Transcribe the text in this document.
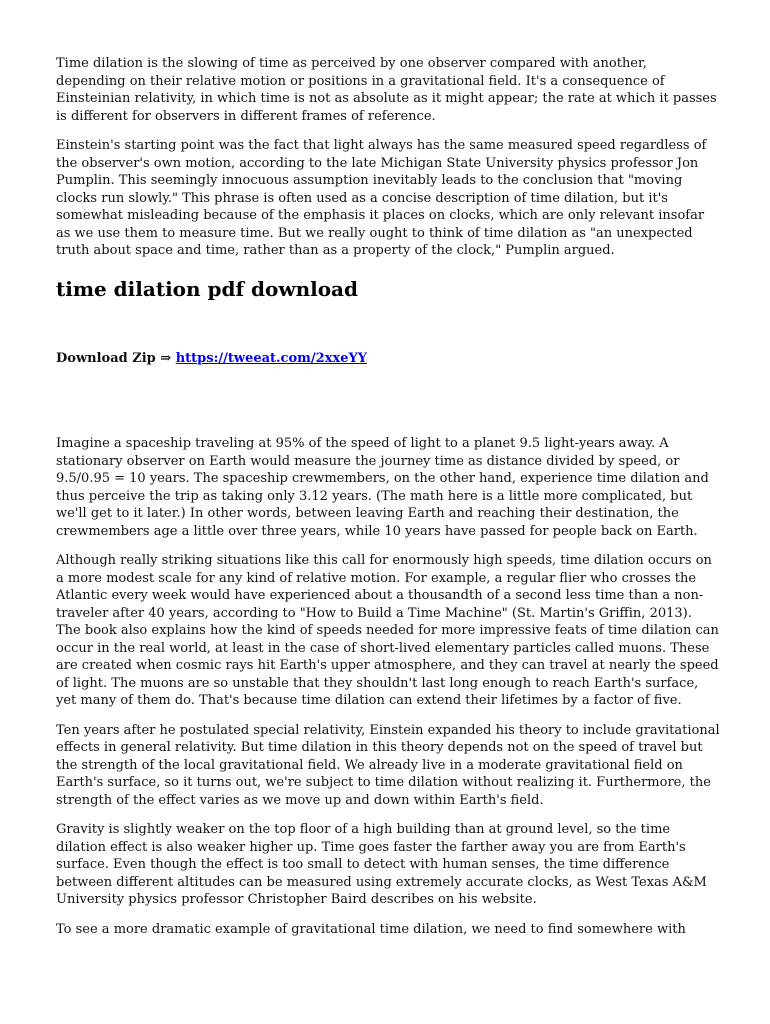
Time dilation is the slowing of time as perceived by one observer compared with another, depending on their relative motion or positions in a gravitational field. It's a consequence of Einsteinian relativity, in which time is not as absolute as it might appear; the rate at which it passes is different for observers in different frames of reference.

Einstein's starting point was the fact that light always has the same measured speed regardless of the observer's own motion, according to the late Michigan State University physics professor Jon Pumplin. This seemingly innocuous assumption inevitably leads to the conclusion that "moving clocks run slowly." This phrase is often used as a concise description of time dilation, but it's somewhat misleading because of the emphasis it places on clocks, which are only relevant insofar as we use them to measure time. But we really ought to think of time dilation as "an unexpected truth about space and time, rather than as a property of the clock," Pumplin argued.

time dilation pdf download
Download Zip ⇒ https://tweeat.com/2xxeYY

Imagine a spaceship traveling at 95% of the speed of light to a planet 9.5 light-years away. A stationary observer on Earth would measure the journey time as distance divided by speed, or 9.5/0.95 = 10 years. The spaceship crewmembers, on the other hand, experience time dilation and thus perceive the trip as taking only 3.12 years. (The math here is a little more complicated, but we'll get to it later.) In other words, between leaving Earth and reaching their destination, the crewmembers age a little over three years, while 10 years have passed for people back on Earth.

Although really striking situations like this call for enormously high speeds, time dilation occurs on a more modest scale for any kind of relative motion. For example, a regular flier who crosses the Atlantic every week would have experienced about a thousandth of a second less time than a non-traveler after 40 years, according to "How to Build a Time Machine" (St. Martin's Griffin, 2013). The book also explains how the kind of speeds needed for more impressive feats of time dilation can occur in the real world, at least in the case of short-lived elementary particles called muons. These are created when cosmic rays hit Earth's upper atmosphere, and they can travel at nearly the speed of light. The muons are so unstable that they shouldn't last long enough to reach Earth's surface, yet many of them do. That's because time dilation can extend their lifetimes by a factor of five.

Ten years after he postulated special relativity, Einstein expanded his theory to include gravitational effects in general relativity. But time dilation in this theory depends not on the speed of travel but the strength of the local gravitational field. We already live in a moderate gravitational field on Earth's surface, so it turns out, we're subject to time dilation without realizing it. Furthermore, the strength of the effect varies as we move up and down within Earth's field.

Gravity is slightly weaker on the top floor of a high building than at ground level, so the time dilation effect is also weaker higher up. Time goes faster the farther away you are from Earth's surface. Even though the effect is too small to detect with human senses, the time difference between different altitudes can be measured using extremely accurate clocks, as West Texas A&M University physics professor Christopher Baird describes on his website.

To see a more dramatic example of gravitational time dilation, we need to find somewhere with
